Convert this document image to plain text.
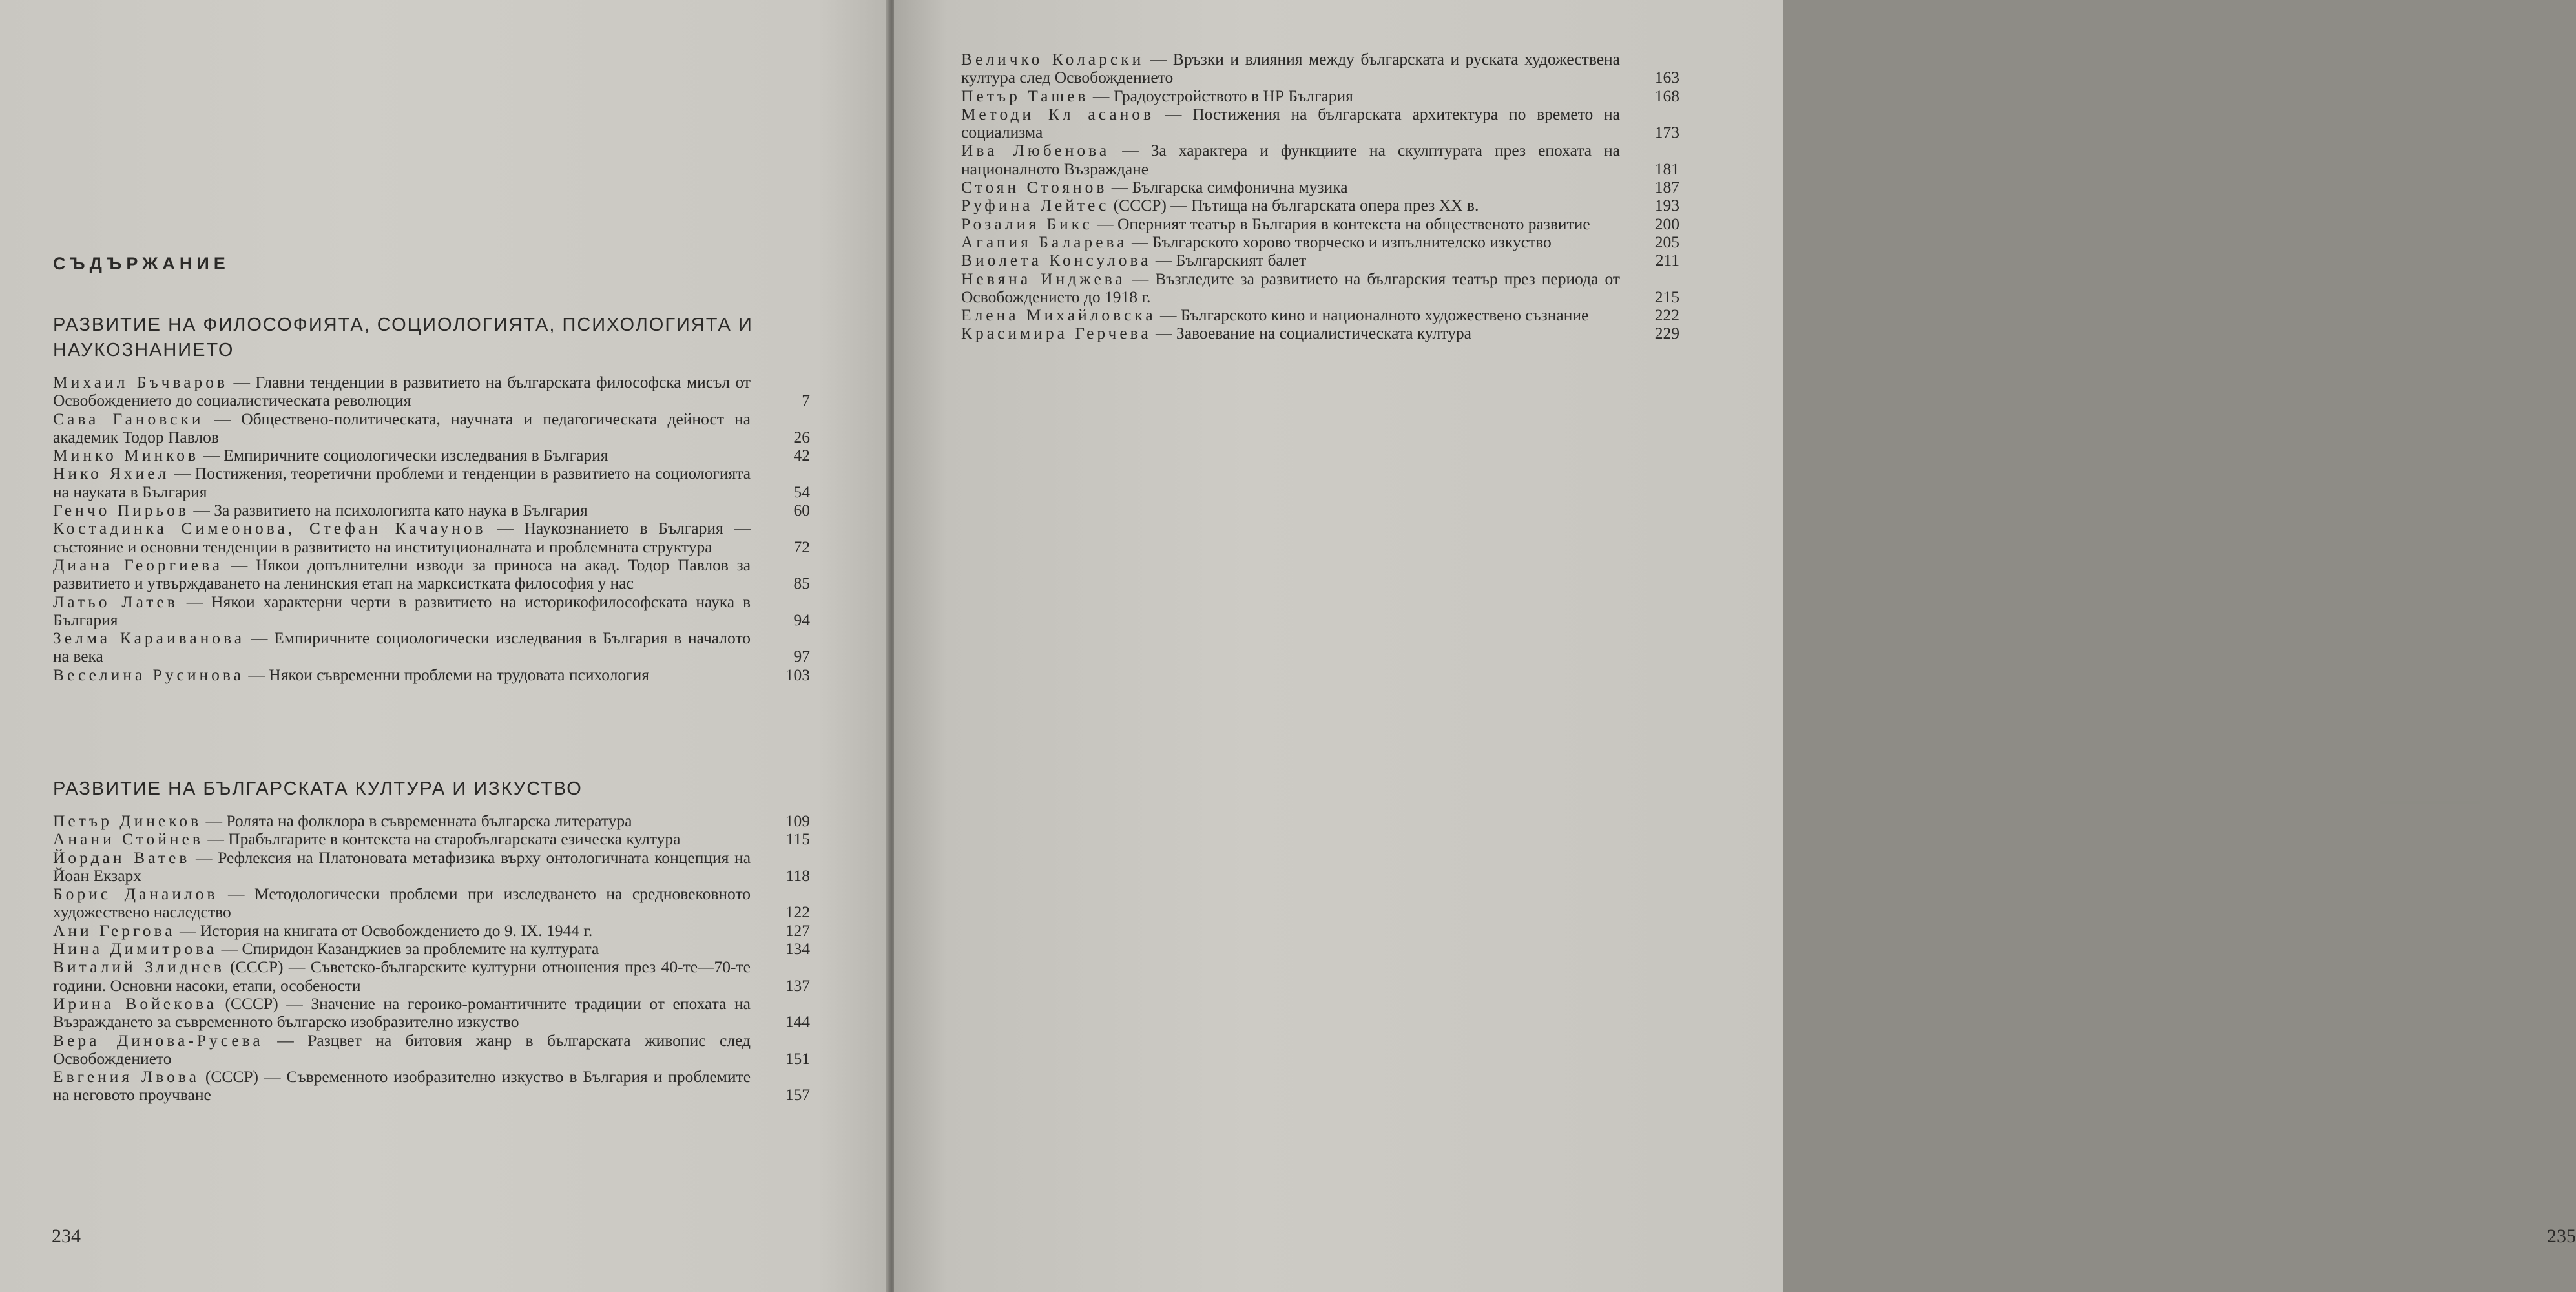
СЪДЪРЖАНИЕ
РАЗВИТИЕ НА ФИЛОСОФИЯТА, СОЦИОЛОГИЯТА, ПСИХОЛОГИЯТА И НАУКОЗНАНИЕТО
Михаил Бъчваров — Главни тенденции в развитието на българската философска мисъл от Освобождението до социалистическата революция	7
Сава Гановски — Обществено-политическата, научната и педагогическата дейност на академик Тодор Павлов	26
Минко Минков — Емпиричните социологически изследвания в България	42
Нико Яхиел — Постижения, теоретични проблеми и тенденции в развитието на социологията на науката в България	54
Генчо Пирьов — За развитието на психологията като наука в България	60
Костадинка Симеонова, Стефан Качаунов — Наукознанието в България — състояние и основни тенденции в развитието на институционалната и проблемната структура	72
Диана Георгиева — Някои допълнителни изводи за приноса на акад. Тодор Павлов за развитието и утвърждаването на ленинския етап на марксистката философия у нас	85
Латьо Латев — Някои характерни черти в развитието на историкофилософската наука в България	94
Зелма Караиванова — Емпиричните социологически изследвания в България в началото на века	97
Веселина Русинова — Някои съвременни проблеми на трудовата психология	103
РАЗВИТИЕ НА БЪЛГАРСКАТА КУЛТУРА И ИЗКУСТВО
Петър Динеков — Ролята на фолклора в съвременната българска литература	109
Анани Стойнев — Прабългарите в контекста на старобългарската езическа култура	115
Йордан Ватев — Рефлексия на Платоновата метафизика върху онтологичната концепция на Йоан Екзарх	118
Борис Данаилов — Методологически проблеми при изследването на средновековното художествено наследство	122
Ани Гергова — История на книгата от Освобождението до 9. IX. 1944 г.	127
Нина Димитрова — Спиридон Казанджиев за проблемите на културата	134
Виталий Злиднев (СССР) — Съветско-българските културни отношения през 40-те—70-те години. Основни насоки, етапи, особености	137
Ирина Войекова (СССР) — Значение на героико-романтичните традиции от епохата на Възраждането за съвременното българско изобразително изкуство	144
Вера Динова-Русева — Разцвет на битовия жанр в българската живопис след Освобождението	151
Евгения Лвова (СССР) — Съвременното изобразително изкуство в България и проблемите на неговото проучване	157
234	235
Величко Коларски — Връзки и влияния между българската и руската художествена култура след Освобождението	163
Петър Ташев — Градоустройството в НР България	168
Методи Кл асанов — Постижения на българската архитектура по времето на социализма	173
Ива Любенова — За характера и функциите на скулптурата през епохата на националното Възраждане	181
Стоян Стоянов — Българска симфонична музика	187
Руфина Лейтес (СССР) — Пътища на българската опера през XX в.	193
Розалия Бикс — Оперният театър в България в контекста на общественото развитие	200
Агапия Баларева — Българското хорово творческо и изпълнителско изкуство	205
Виолета Консулова — Българският балет	211
Невяна Инджева — Възгледите за развитието на българския театър през периода от Освобождението до 1918 г.	215
Елена Михайловска — Българското кино и националното художествено съзнание	222
Красимира Герчева — Завоевание на социалистическата култура	229
